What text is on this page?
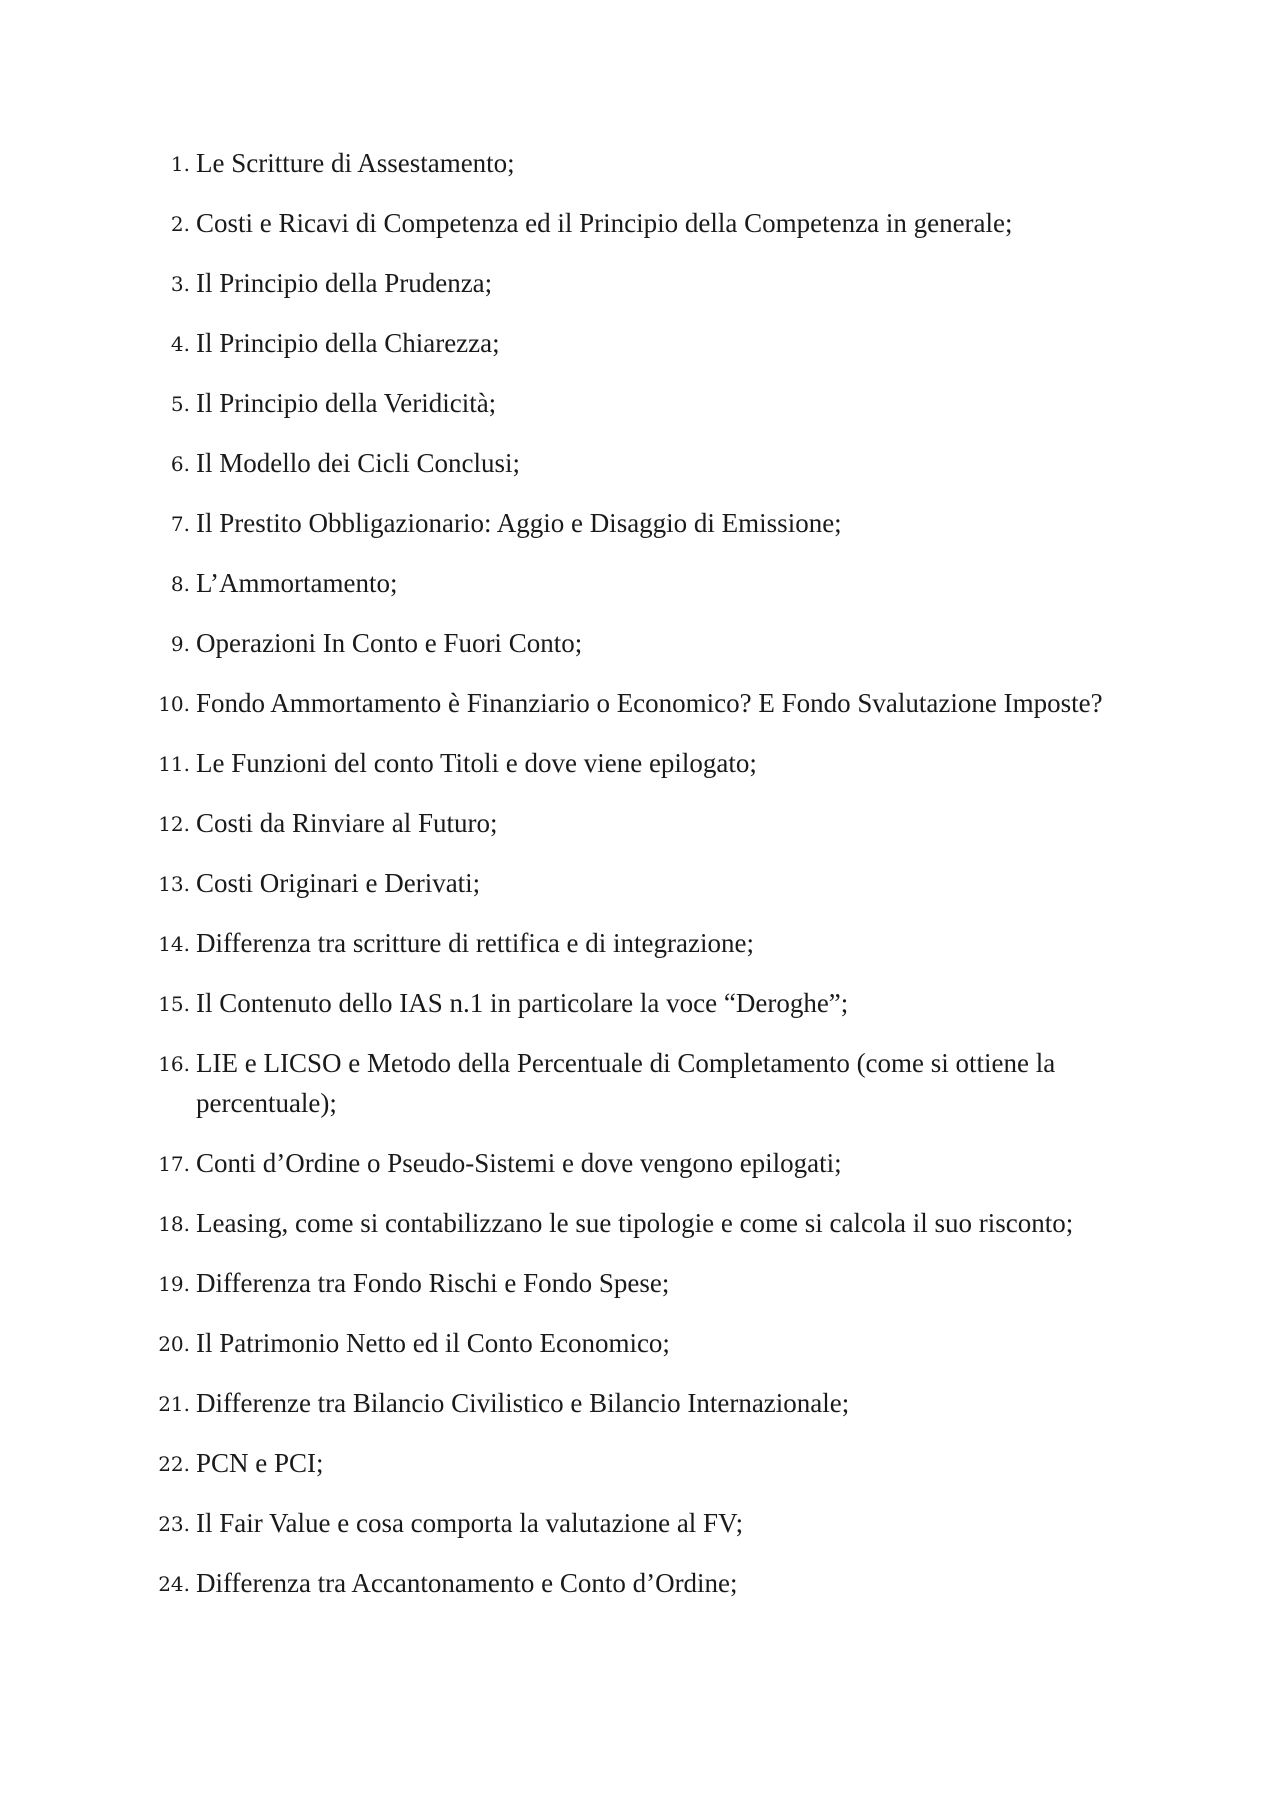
1. Le Scritture di Assestamento;
2. Costi e Ricavi di Competenza ed il Principio della Competenza in generale;
3. Il Principio della Prudenza;
4. Il Principio della Chiarezza;
5. Il Principio della Veridicità;
6. Il Modello dei Cicli Conclusi;
7. Il Prestito Obbligazionario: Aggio e Disaggio di Emissione;
8. L’Ammortamento;
9. Operazioni In Conto e Fuori Conto;
10. Fondo Ammortamento è Finanziario o Economico? E Fondo Svalutazione Imposte?
11. Le Funzioni del conto Titoli e dove viene epilogato;
12. Costi da Rinviare al Futuro;
13. Costi Originari e Derivati;
14. Differenza tra scritture di rettifica e di integrazione;
15. Il Contenuto dello IAS n.1 in particolare la voce “Deroghe”;
16. LIE e LICSO e Metodo della Percentuale di Completamento (come si ottiene la percentuale);
17. Conti d’Ordine o Pseudo-Sistemi e dove vengono epilogati;
18. Leasing, come si contabilizzano le sue tipologie e come si calcola il suo risconto;
19. Differenza tra Fondo Rischi e Fondo Spese;
20. Il Patrimonio Netto ed il Conto Economico;
21. Differenze tra Bilancio Civilistico e Bilancio Internazionale;
22. PCN e PCI;
23. Il Fair Value e cosa comporta la valutazione al FV;
24. Differenza tra Accantonamento e Conto d’Ordine;
